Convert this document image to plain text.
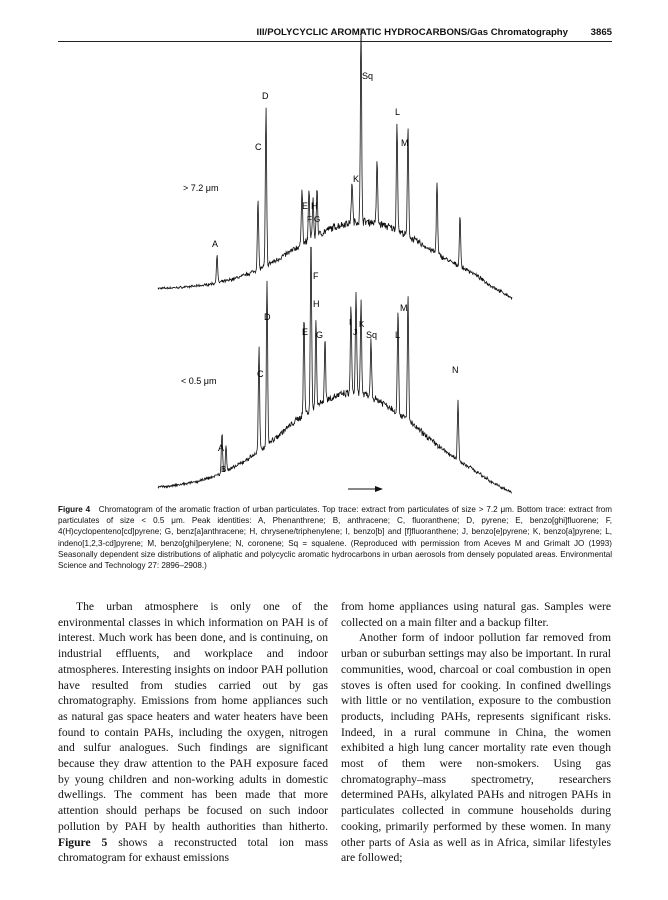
III/POLYCYCLIC AROMATIC HYDROCARBONS/Gas Chromatography 3865
> 7.2 μm
< 0.5 μm
Sq
D
L
M
C
K
E H
F G
A
F
H	M
D
I
J
K
E G	Sq L
N
C
A
B
Figure 4 Chromatogram of the aromatic fraction of urban particulates. Top trace: extract from particulates of size > 7.2 μm. Bottom trace: extract from particulates of size < 0.5 μm. Peak identities: A, Phenanthrene; B, anthracene; C, fluoranthene; D, pyrene; E, benzo[ghi]fluorene; F, 4(H)cyclopenteno[cd]pyrene; G, benz[a]anthracene; H, chrysene/triphenylene; I, benzo[b] and [f]fluoranthene; J, benzo[e]pyrene; K, benzo[a]pyrene; L, indeno[1,2,3-cd]pyrene; M, benzo[ghi]perylene; N, coronene; Sq = squalene. (Reproduced with permission from Aceves M and Grimalt JO (1993) Seasonally dependent size distributions of aliphatic and polycyclic aromatic hydrocarbons in urban aerosols from densely populated areas. Environmental Science and Technology 27: 2896–2908.)

The urban atmosphere is only one of the environmental classes in which information on PAH is of interest. Much work has been done, and is continuing, on industrial effluents, and workplace and indoor atmospheres. Interesting insights on indoor PAH pollution have resulted from studies carried out by gas chromatography. Emissions from home appliances such as natural gas space heaters and water heaters have been found to contain PAHs, including the oxygen, nitrogen and sulfur analogues. Such findings are significant because they draw attention to the PAH exposure faced by young children and non-working adults in domestic dwellings. The comment has been made that more attention should perhaps be focused on such indoor pollution by PAH by health authorities than hitherto. Figure 5 shows a reconstructed total ion mass chromatogram for exhaust emissions

from home appliances using natural gas. Samples were collected on a main filter and a backup filter.

Another form of indoor pollution far removed from urban or suburban settings may also be important. In rural communities, wood, charcoal or coal combustion in open stoves is often used for cooking. In confined dwellings with little or no ventilation, exposure to the combustion products, including PAHs, represents significant risks. Indeed, in a rural commune in China, the women exhibited a high lung cancer mortality rate even though most of them were non-smokers. Using gas chromatography–mass spectrometry, researchers determined PAHs, alkylated PAHs and nitrogen PAHs in particulates collected in commune households during cooking, primarily performed by these women. In many other parts of Asia as well as in Africa, similar lifestyles are followed;
